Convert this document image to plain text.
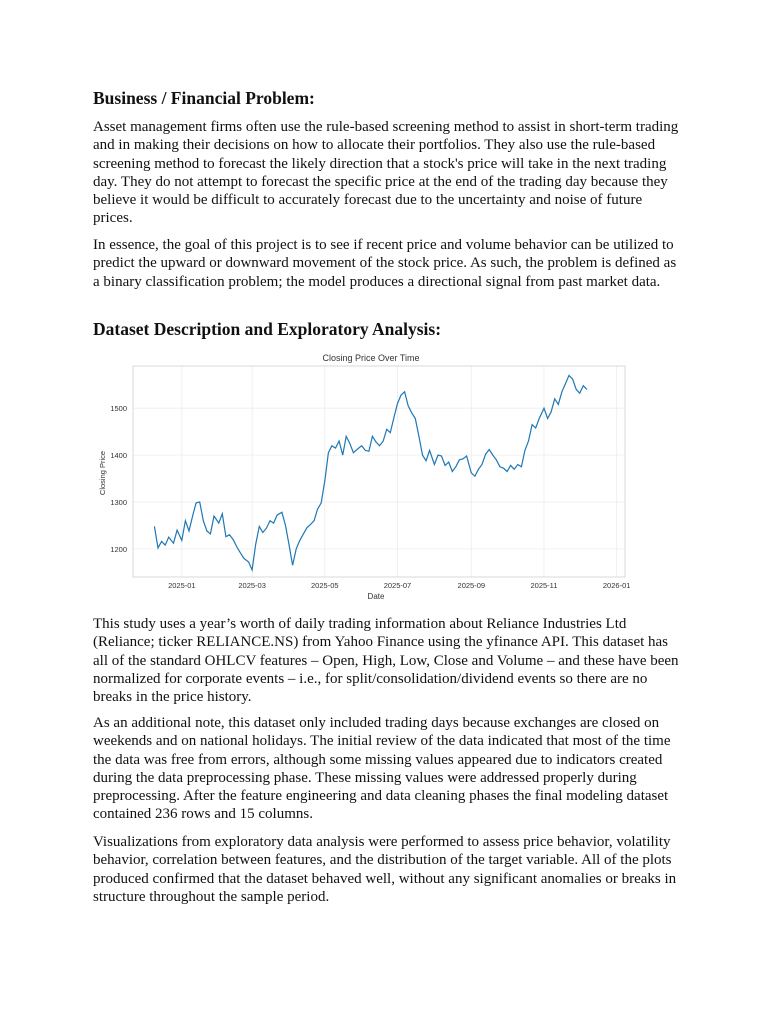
Business / Financial Problem:

Asset management firms often use the rule-based screening method to assist in short-term trading and in making their decisions on how to allocate their portfolios. They also use the rule-based screening method to forecast the likely direction that a stock's price will take in the next trading day. They do not attempt to forecast the specific price at the end of the trading day because they believe it would be difficult to accurately forecast due to the uncertainty and noise of future prices.

In essence, the goal of this project is to see if recent price and volume behavior can be utilized to predict the upward or downward movement of the stock price. As such, the problem is defined as a binary classification problem; the model produces a directional signal from past market data.

Dataset Description and Exploratory Analysis:

This study uses a year’s worth of daily trading information about Reliance Industries Ltd (Reliance; ticker RELIANCE.NS) from Yahoo Finance using the yfinance API. This dataset has all of the standard OHLCV features – Open, High, Low, Close and Volume – and these have been normalized for corporate events – i.e., for split/consolidation/dividend events so there are no breaks in the price history.

As an additional note, this dataset only included trading days because exchanges are closed on weekends and on national holidays. The initial review of the data indicated that most of the time the data was free from errors, although some missing values appeared due to indicators created during the data preprocessing phase. These missing values were addressed properly during preprocessing. After the feature engineering and data cleaning phases the final modeling dataset contained 236 rows and 15 columns.

Visualizations from exploratory data analysis were performed to assess price behavior, volatility behavior, correlation between features, and the distribution of the target variable. All of the plots produced confirmed that the dataset behaved well, without any significant anomalies or breaks in structure throughout the sample period.

Closing Price Over Time
1200
1300
1400
1500
2025-01	2025-03	2025-05	2025-07	2025-09	2025-11	2026-01
Date
Closing Price
